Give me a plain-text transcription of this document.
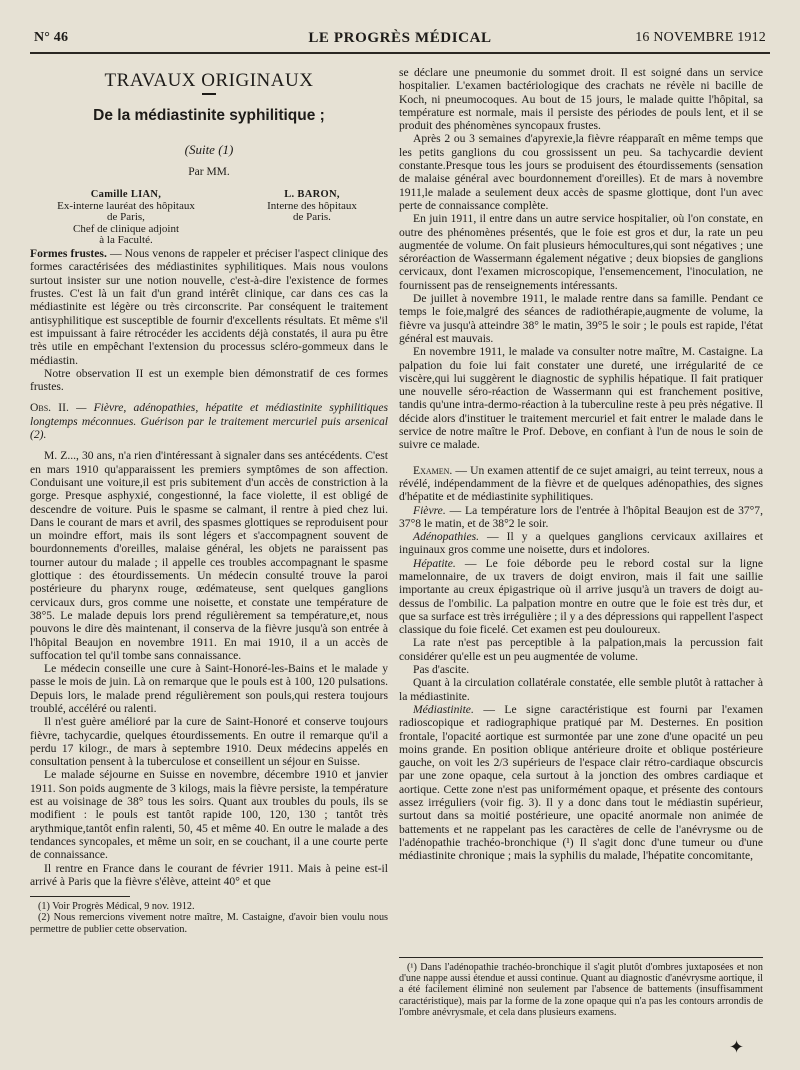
N° 46	LE PROGRÈS MÉDICAL	16 NOVEMBRE 1912
TRAVAUX ORIGINAUX
De la médiastinite syphilitique ;
(Suite (1)
Par MM.
Camille LIAN,
Ex-interne lauréat des hôpitaux
de Paris,
Chef de clinique adjoint
à la Faculté.
L. BARON,
Interne des hôpitaux
de Paris.

Formes frustes. — Nous venons de rappeler et préciser l'aspect clinique des formes caractérisées des médiastinites syphilitiques. Mais nous voulons surtout insister sur une notion nouvelle, c'est-à-dire l'existence de formes frustes. C'est là un fait d'un grand intérêt clinique, car dans ces cas la médiastinite est légère ou très circonscrite. Par conséquent le traitement antisyphilitique est susceptible de fournir d'excellents résultats. Et même s'il est impuissant à faire rétrocéder les accidents déjà constatés, il aura pu être très utile en empêchant l'extension du processus scléro-gommeux dans le médiastin.

Notre observation II est un exemple bien démonstratif de ces formes frustes.

Obs. II. — Fièvre, adénopathies, hépatite et médiastinite syphilitiques longtemps méconnues. Guérison par le traitement mercuriel puis arsenical (2).

M. Z..., 30 ans, n'a rien d'intéressant à signaler dans ses antécédents. C'est en mars 1910 qu'apparaissent les premiers symptômes de son affection. Conduisant une voiture,il est pris subitement d'un accès de constriction à la gorge. Presque asphyxié, congestionné, la face violette, il est obligé de descendre de voiture. Puis le spasme se calmant, il rentre à pied chez lui. Dans le courant de mars et avril, des spasmes glottiques se reproduisent pour un moindre effort, mais ils sont légers et s'accompagnent souvent de bourdonnements d'oreilles, malaise général, les objets ne paraissent pas tourner autour du malade ; il appelle ces troubles accompagnant le spasme glottique : des étourdissements. Un médecin consulté trouve la paroi postérieure du pharynx rouge, œdémateuse, sent quelques ganglions cervicaux durs, gros comme une noisette, et constate une température de 38°5. Le malade depuis lors prend régulièrement sa température,et, nous pouvons le dire dès maintenant, il conserva de la fièvre jusqu'à son entrée à l'hôpital Beaujon en novembre 1911. En mai 1910, il a un accès de suffocation tel qu'il tombe sans connaissance.

Le médecin conseille une cure à Saint-Honoré-les-Bains et le malade y passe le mois de juin. Là on remarque que le pouls est à 100, 120 pulsations. Depuis lors, le malade prend régulièrement son pouls,qui restera toujours troublé, accéléré ou ralenti.

Il n'est guère amélioré par la cure de Saint-Honoré et conserve toujours fièvre, tachycardie, quelques étourdissements. En outre il remarque qu'il a perdu 17 kilogr., de mars à septembre 1910. Deux médecins appelés en consultation pensent à la tuberculose et conseillent un séjour en Suisse.

Le malade séjourne en Suisse en novembre, décembre 1910 et janvier 1911. Son poids augmente de 3 kilogs, mais la fièvre persiste, la température est au voisinage de 38° tous les soirs. Quant aux troubles du pouls, ils se modifient : le pouls est tantôt rapide 100, 120, 130 ; tantôt très arythmique,tantôt enfin ralenti, 50, 45 et même 40. En outre le malade a des tendances syncopales, et même un soir, en se couchant, il a une courte perte de connaissance.

Il rentre en France dans le courant de février 1911. Mais à peine est-il arrivé à Paris que la fièvre s'élève, atteint 40° et que

(1) Voir Progrès Médical, 9 nov. 1912.
(2) Nous remercions vivement notre maître, M. Castaigne, d'avoir bien voulu nous permettre de publier cette observation.

se déclare une pneumonie du sommet droit. Il est soigné dans un service hospitalier. L'examen bactériologique des crachats ne révèle ni bacille de Koch, ni pneumocoques. Au bout de 15 jours, le malade quitte l'hôpital, sa température est normale, mais il persiste des périodes de pouls lent, et il se produit des phénomènes syncopaux frustes.

Après 2 ou 3 semaines d'apyrexie,la fièvre réapparaît en même temps que les petits ganglions du cou grossissent un peu. Sa tachycardie devient constante.Presque tous les jours se produisent des étourdissements (sensation de malaise général avec bourdonnement d'oreilles). Et de mars à novembre 1911,le malade a seulement deux accès de spasme glottique, dont l'un avec perte de connaissance complète.

En juin 1911, il entre dans un autre service hospitalier, où l'on constate, en outre des phénomènes présentés, que le foie est gros et dur, la rate un peu augmentée de volume. On fait plusieurs hémocultures,qui sont négatives ; une séroréaction de Wassermann également négative ; deux biopsies de ganglions cervicaux, dont l'examen microscopique, l'ensemencement, l'inoculation, ne fournissent pas de renseignements intéressants.

De juillet à novembre 1911, le malade rentre dans sa famille. Pendant ce temps le foie,malgré des séances de radiothérapie,augmente de volume, la fièvre va jusqu'à atteindre 38° le matin, 39°5 le soir ; le pouls est rapide, l'état général est mauvais.

En novembre 1911, le malade va consulter notre maître, M. Castaigne. La palpation du foie lui fait constater une dureté, une irrégularité de ce viscère,qui lui suggèrent le diagnostic de syphilis hépatique. Il fait pratiquer une nouvelle séro-réaction de Wassermann qui est franchement positive, tandis qu'une intra-dermo-réaction à la tuberculine reste à peu près négative. Il décide alors d'instituer le traitement mercuriel et fait entrer le malade dans le service de notre maître le Prof. Debove, en confiant à l'un de nous le soin de suivre ce malade.

Examen. — Un examen attentif de ce sujet amaigri, au teint terreux, nous a révélé, indépendamment de la fièvre et de quelques adénopathies, des signes d'hépatite et de médiastinite syphilitiques.

Fièvre. — La température lors de l'entrée à l'hôpital Beaujon est de 37°7, 37°8 le matin, et de 38°2 le soir.

Adénopathies. — Il y a quelques ganglions cervicaux axillaires et inguinaux gros comme une noisette, durs et indolores.

Hépatite. — Le foie déborde peu le rebord costal sur la ligne mamelonnaire, de ux travers de doigt environ, mais il fait une saillie importante au creux épigastrique où il arrive jusqu'à un travers de doigt au-dessus de l'ombilic. La palpation montre en outre que le foie est très dur, et que sa surface est très irrégulière ; il y a des dépressions qui rappellent l'aspect classique du foie ficelé. Cet examen est peu douloureux.

La rate n'est pas perceptible à la palpation,mais la percussion fait considérer qu'elle est un peu augmentée de volume.

Pas d'ascite.

Quant à la circulation collatérale constatée, elle semble plutôt à rattacher à la médiastinite.

Médiastinite. — Le signe caractéristique est fourni par l'examen radioscopique et radiographique pratiqué par M. Desternes. En position frontale, l'opacité aortique est surmontée par une zone d'une opacité un peu moins grande. En position oblique antérieure droite et oblique postérieure gauche, on voit les 2/3 supérieurs de l'espace clair rétro-cardiaque obscurcis par une zone opaque, cela surtout à la jonction des ombres cardiaque et aortique. Cette zone n'est pas uniformément opaque, et présente des contours assez irréguliers (voir fig. 3). Il y a donc dans tout le médiastin supérieur, surtout dans sa moitié postérieure, une opacité anormale non animée de battements et ne rappelant pas les caractères de celle de l'anévrysme ou de l'adénopathie trachéo-bronchique (¹) Il s'agit donc d'une tumeur ou d'une médiastinite chronique ; mais la syphilis du malade, l'hépatite concomitante,

(¹) Dans l'adénopathie trachéo-bronchique il s'agit plutôt d'ombres juxtaposées et non d'une nappe aussi étendue et aussi continue. Quant au diagnostic d'anévrysme aortique, il a été facilement éliminé non seulement par l'absence de battements (insuffisamment caractéristique), mais par la forme de la zone opaque qui n'a pas les contours arrondis de l'ombre anévrysmale, et cela dans plusieurs examens.
✦
